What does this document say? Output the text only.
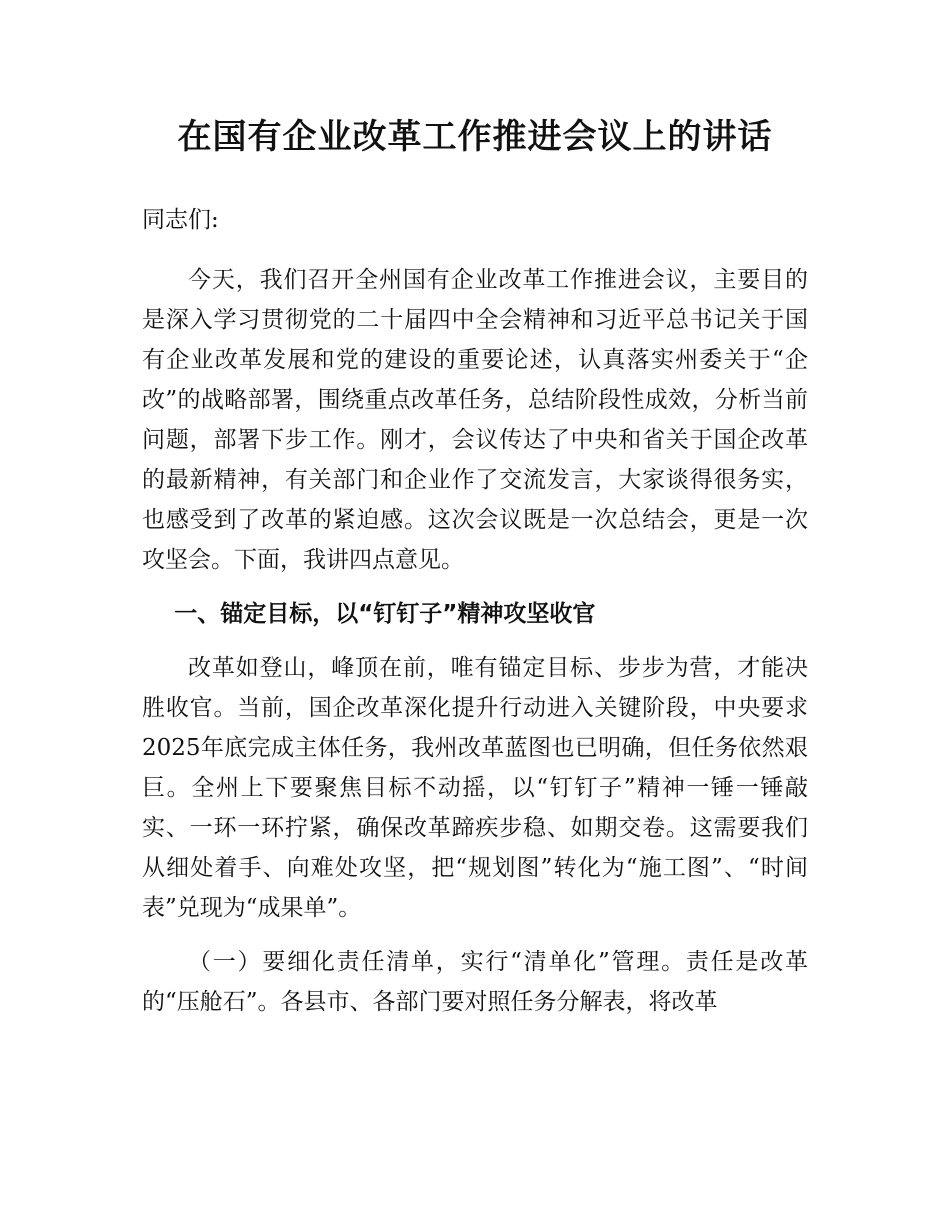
在国有企业改革工作推进会议上的讲话

同志们:

今天，我们召开全州国有企业改革工作推进会议，主要目的是深入学习贯彻党的二十届四中全会精神和习近平总书记关于国有企业改革发展和党的建设的重要论述，认真落实州委关于“企改”的战略部署，围绕重点改革任务，总结阶段性成效，分析当前问题，部署下步工作。刚才，会议传达了中央和省关于国企改革的最新精神，有关部门和企业作了交流发言，大家谈得很务实，也感受到了改革的紧迫感。这次会议既是一次总结会，更是一次攻坚会。下面，我讲四点意见。

一、锚定目标，以“钉钉子”精神攻坚收官

改革如登山，峰顶在前，唯有锚定目标、步步为营，才能决胜收官。当前，国企改革深化提升行动进入关键阶段，中央要求2025年底完成主体任务，我州改革蓝图也已明确，但任务依然艰巨。全州上下要聚焦目标不动摇，以“钉钉子”精神一锤一锤敲实、一环一环拧紧，确保改革蹄疾步稳、如期交卷。这需要我们从细处着手、向难处攻坚，把“规划图”转化为“施工图”、“时间表”兑现为“成果单”。

（一）要细化责任清单，实行“清单化”管理。责任是改革的“压舱石”。各县市、各部门要对照任务分解表，将改革
